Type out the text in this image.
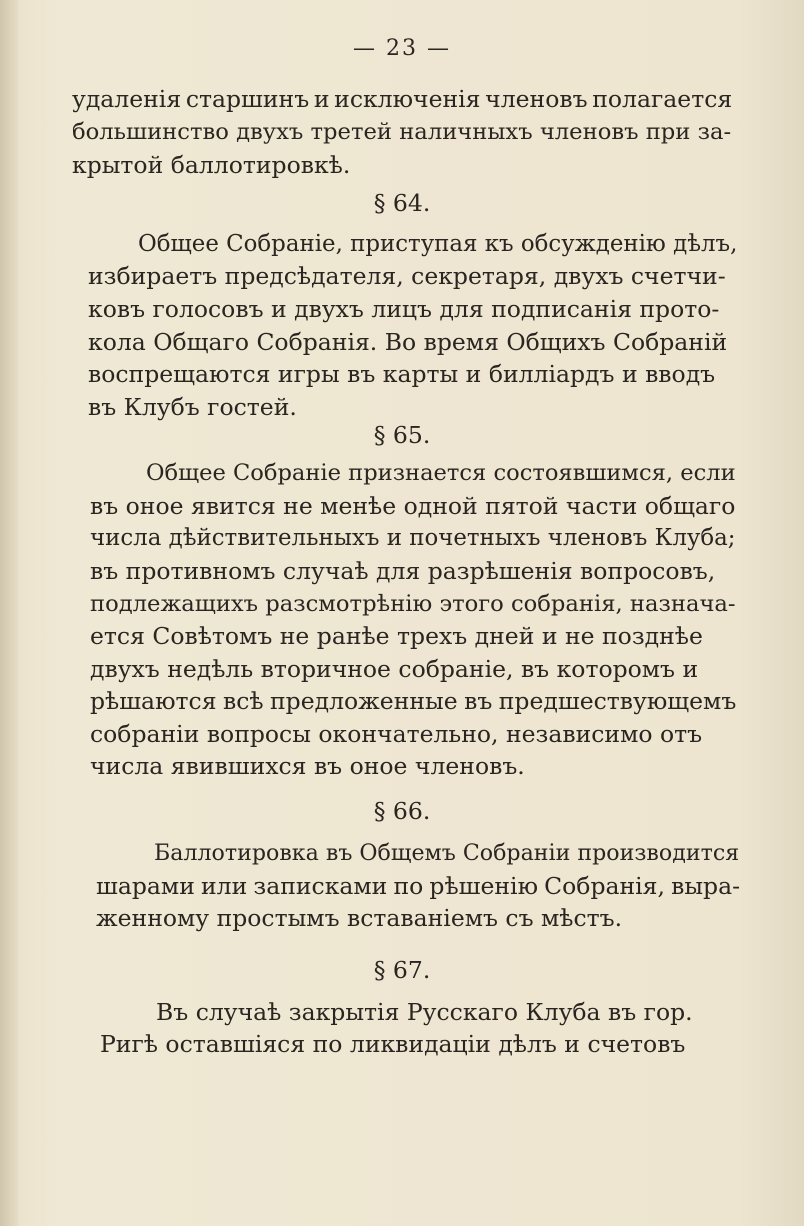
— 23 —
удаленія старшинъ и исключенія членовъ полагается
большинство двухъ третей наличныхъ членовъ при за-
крытой баллотировкѣ.
§ 64.
Общее Собраніе, приступая къ обсужденію дѣлъ,
избираетъ предсѣдателя, секретаря, двухъ счетчи-
ковъ голосовъ и двухъ лицъ для подписанія прото-
кола Общаго Собранія. Во время Общихъ Собраній
воспрещаются игры въ карты и билліардъ и вводъ
въ Клубъ гостей.
§ 65.
Общее Собраніе признается состоявшимся, если
въ оное явится не менѣе одной пятой части общаго
числа дѣйствительныхъ и почетныхъ членовъ Клуба;
въ противномъ случаѣ для разрѣшенія вопросовъ,
подлежащихъ разсмотрѣнію этого собранія, назнача-
ется Совѣтомъ не ранѣе трехъ дней и не позднѣе
двухъ недѣль вторичное собраніе, въ которомъ и
рѣшаются всѣ предложенные въ предшествующемъ
собраніи вопросы окончательно, независимо отъ
числа явившихся въ оное членовъ.
§ 66.
Баллотировка въ Общемъ Собраніи производится
шарами или записками по рѣшенію Собранія, выра-
женному простымъ вставаніемъ съ мѣстъ.
§ 67.
Въ случаѣ закрытія Русскаго Клуба въ гор.
Ригѣ оставшіяся по ликвидаціи дѣлъ и счетовъ
